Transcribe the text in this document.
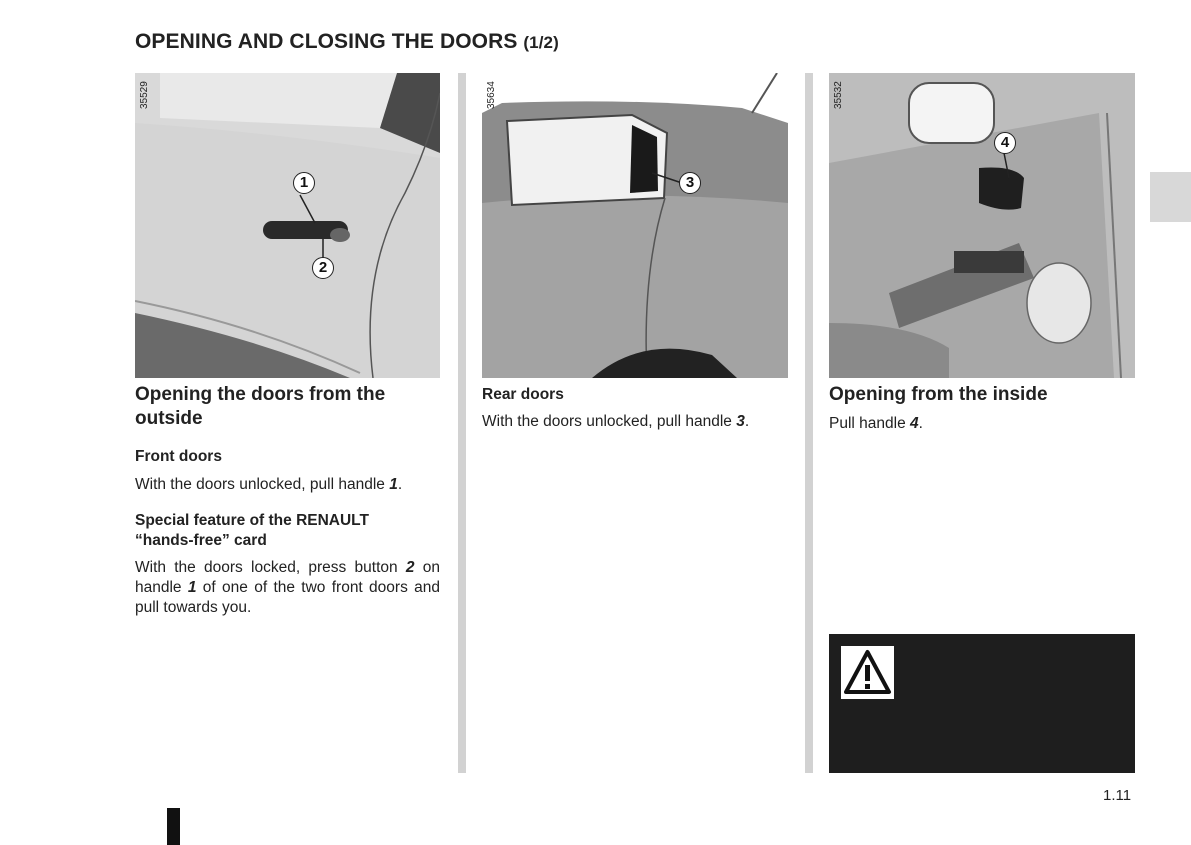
OPENING AND CLOSING THE DOORS (1/2)
35529
1
2
35634
3
35532
4
Opening the doors from the outside
Front doors
With the doors unlocked, pull handle 1.
Special feature of the RENAULT “hands-free” card
With the doors locked, press button 2 on handle 1 of one of the two front doors and pull towards you.
Rear doors
With the doors unlocked, pull handle 3.
Opening from the inside
Pull handle 4.
1.11
